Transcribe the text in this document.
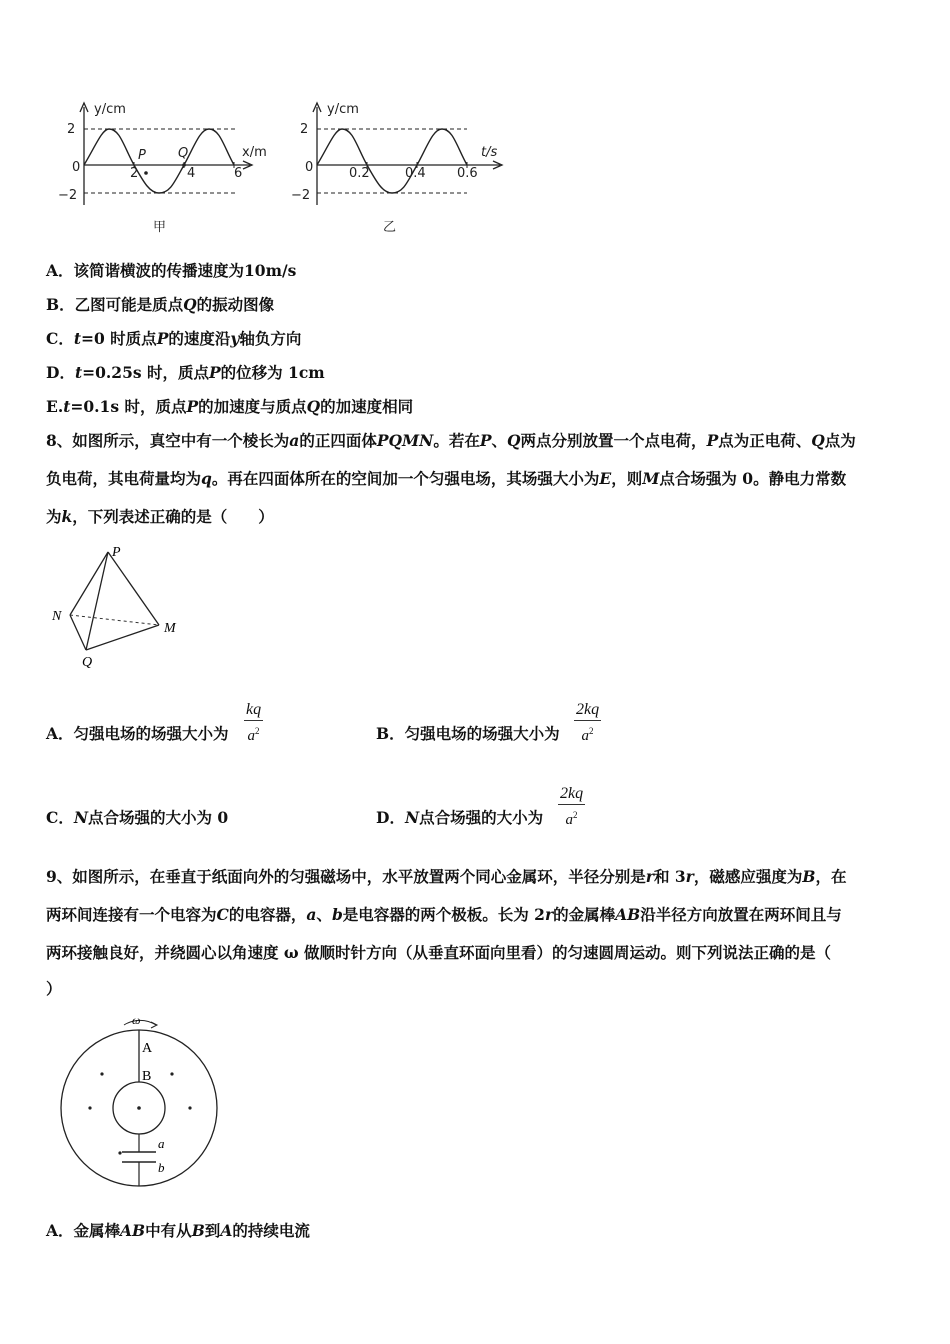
y/cm
x/m
2
0
−2
2	4	6
P Q
甲
y/cm
t/s
2
0
−2
0.2	0.4 0.6
乙
A．该简谐横波的传播速度为10m/s
B．乙图可能是质点Q的振动图像
C．t=0 时质点P的速度沿y轴负方向
D．t=0.25s 时，质点P的位移为 1cm
E.t=0.1s 时，质点P的加速度与质点Q的加速度相同
8、如图所示，真空中有一个棱长为a的正四面体PQMN。若在P、Q两点分别放置一个点电荷，P点为正电荷、Q点为
负电荷，其电荷量均为q。再在四面体所在的空间加一个匀强电场，其场强大小为E，则M点合场强为 0。静电力常数
为k，下列表述正确的是（　　）
P
N
M
Q
A．匀强电场的场强大小为 $\frac{kq}{a^2}$	B．匀强电场的场强大小为 $\frac{2kq}{a^2}$
C．N点合场强的大小为 0	D．N点合场强的大小为 $\frac{2kq}{a^2}$
9、如图所示，在垂直于纸面向外的匀强磁场中，水平放置两个同心金属环，半径分别是r和 3r，磁感应强度为B，在
两环间连接有一个电容为C的电容器，a、b是电容器的两个极板。长为 2r的金属棒AB沿半径方向放置在两环间且与
两环接触良好，并绕圆心以角速度 ω 做顺时针方向（从垂直环面向里看）的匀速圆周运动。则下列说法正确的是（
）
ω
A
B
a
b
A．金属棒AB中有从B到A的持续电流
